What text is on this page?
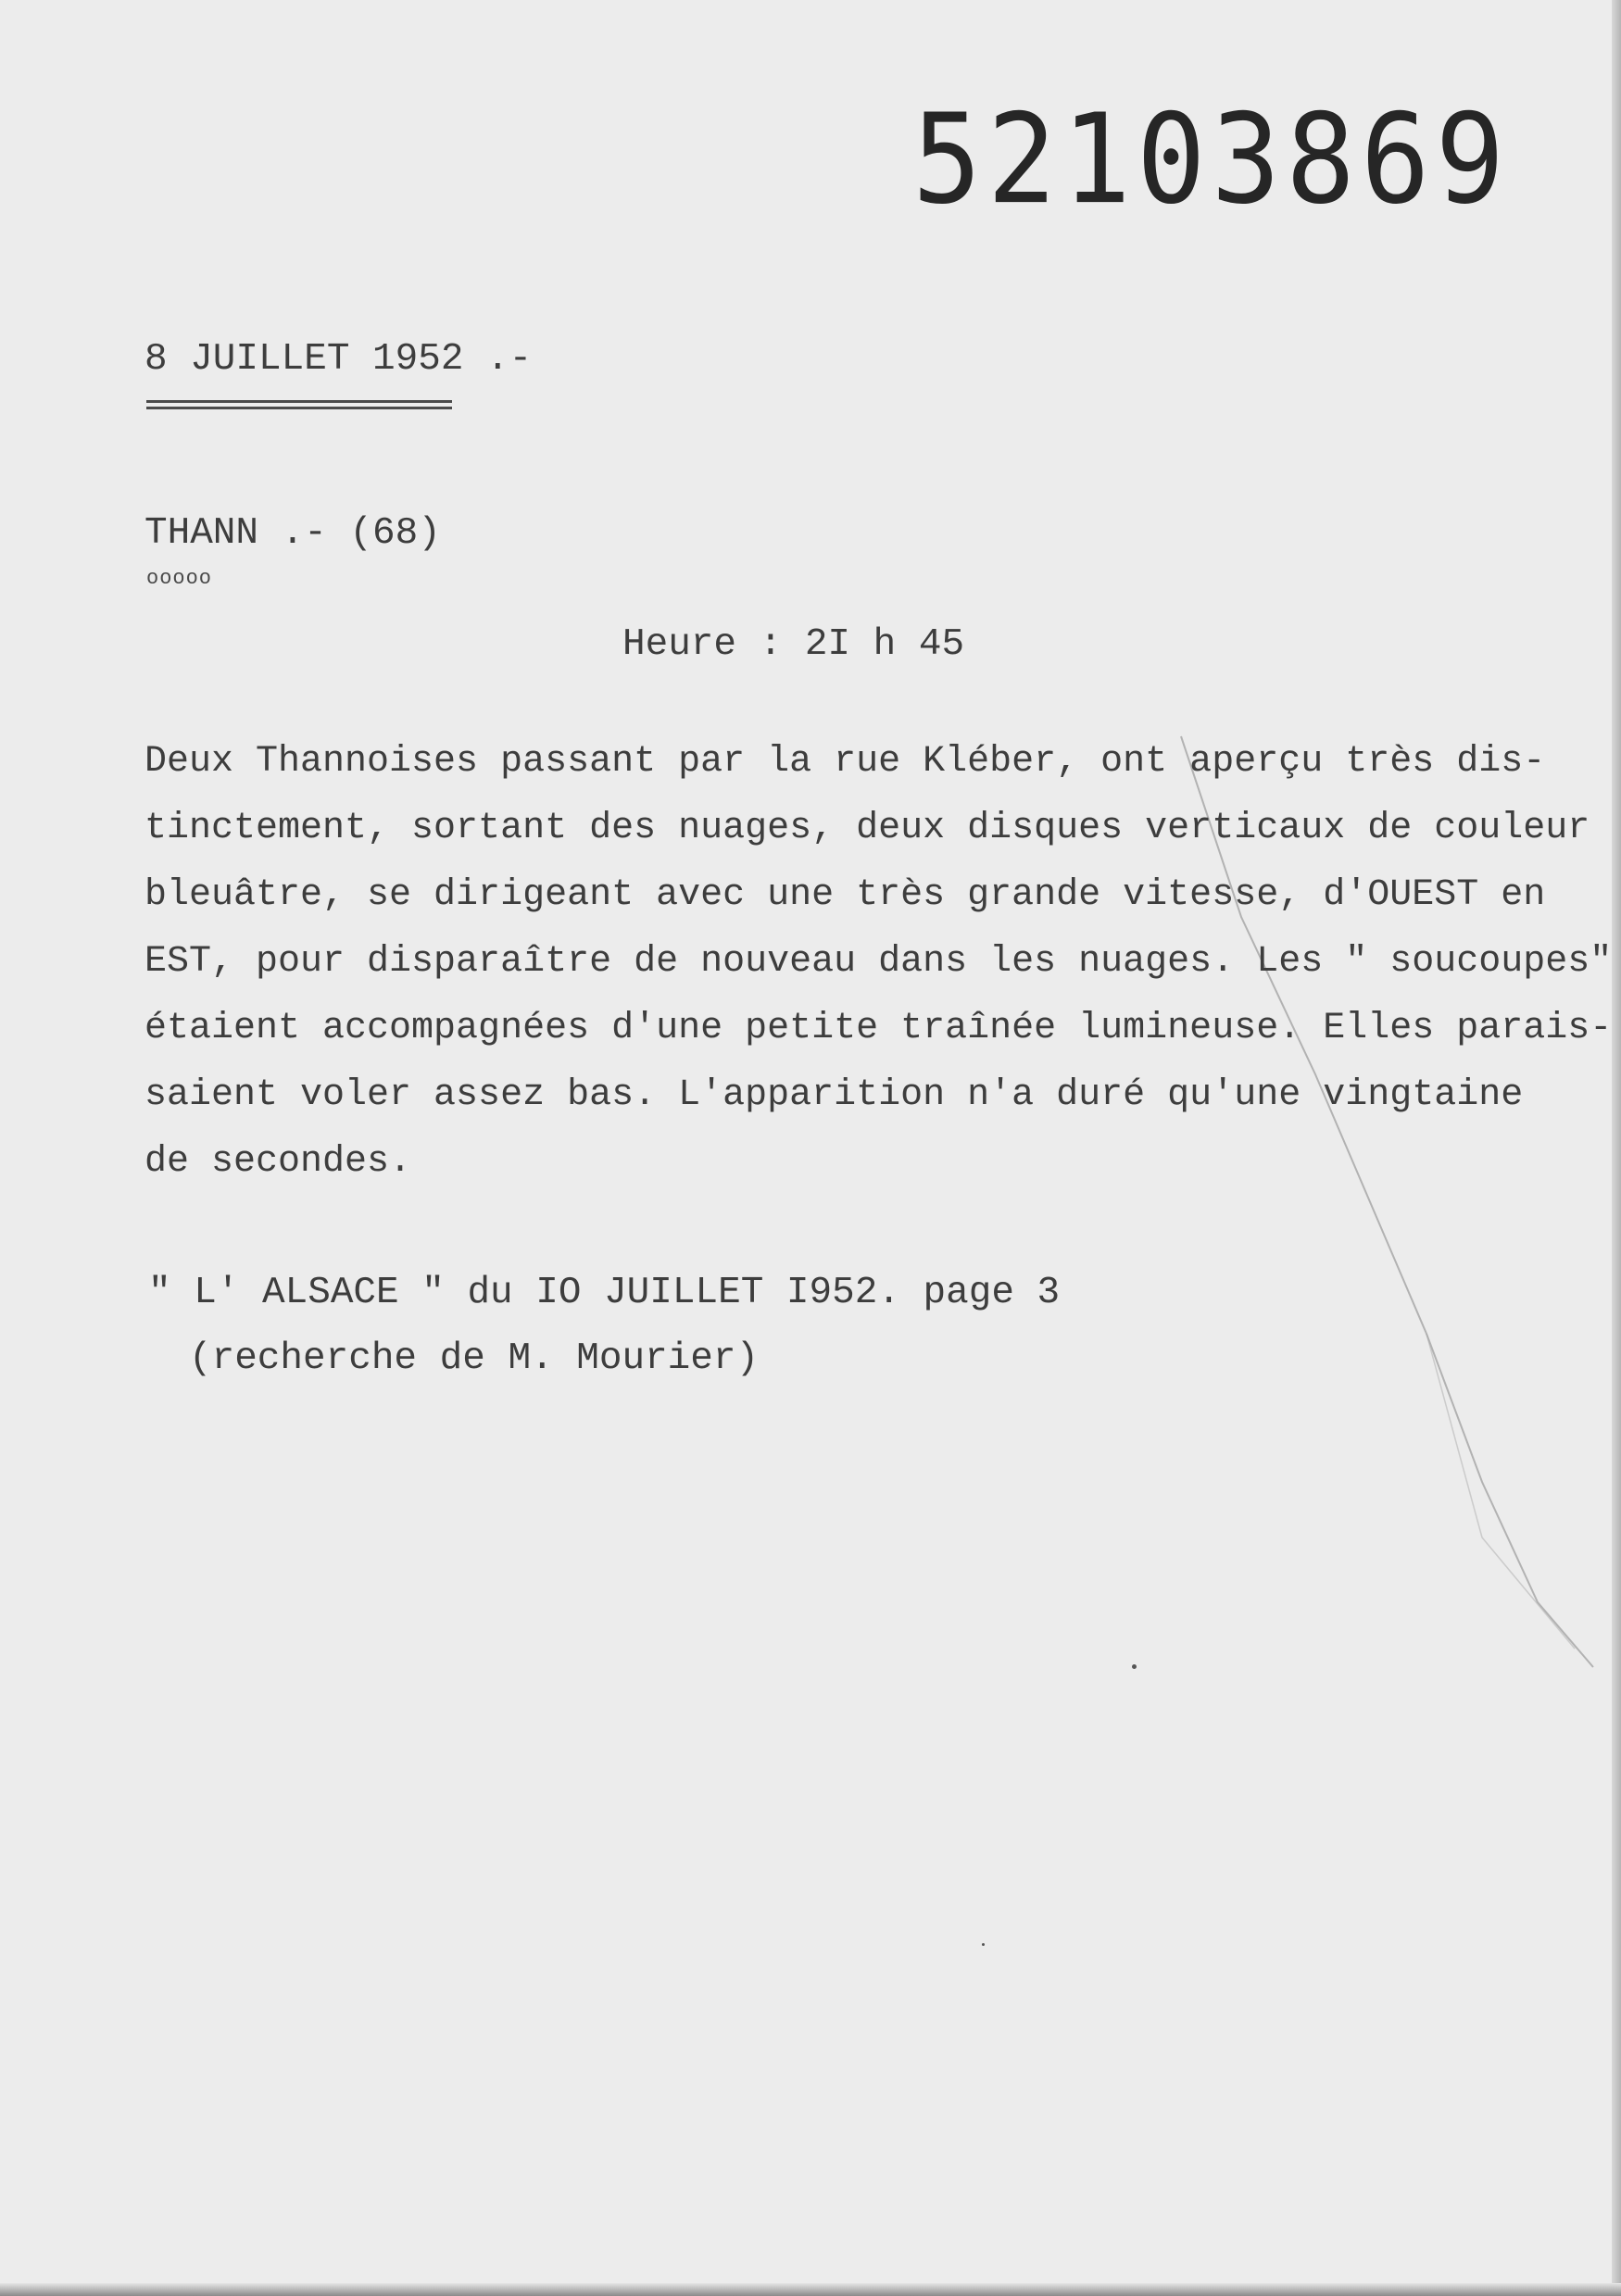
52103869
8 JUILLET 1952 .-
THANN .- (68)
ooooo
Heure : 2I h 45
Deux Thannoises passant par la rue Kléber, ont aperçu très dis-
tinctement, sortant des nuages, deux disques verticaux de couleur
bleuâtre, se dirigeant avec une très grande vitesse, d'OUEST en
EST, pour disparaître de nouveau dans les nuages. Les " soucoupes"
étaient accompagnées d'une petite traînée lumineuse. Elles parais-
saient voler assez bas. L'apparition n'a duré qu'une vingtaine
de secondes.
" L' ALSACE " du IO JUILLET I952. page 3
(recherche de M. Mourier)
